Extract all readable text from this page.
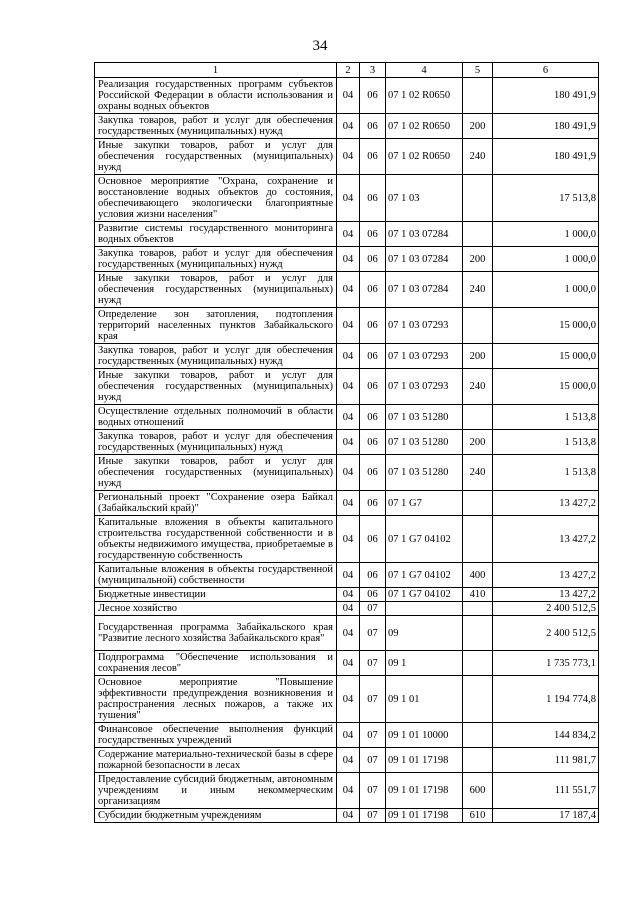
34
1	2	3	4	5	6
Реализация государственных программ субъектов Российской Федерации в области использования и охраны водных объектов	04	06	07 1 02 R0650		180 491,9
Закупка товаров, работ и услуг для обеспечения государственных (муниципальных) нужд	04	06	07 1 02 R0650	200	180 491,9
Иные закупки товаров, работ и услуг для обеспечения государственных (муниципальных) нужд	04	06	07 1 02 R0650	240	180 491,9
Основное мероприятие "Охрана, сохранение и восстановление водных объектов до состояния, обеспечивающего экологически благоприятные условия жизни населения"	04	06	07 1 03		17 513,8
Развитие системы государственного мониторинга водных объектов	04	06	07 1 03 07284		1 000,0
Закупка товаров, работ и услуг для обеспечения государственных (муниципальных) нужд	04	06	07 1 03 07284	200	1 000,0
Иные закупки товаров, работ и услуг для обеспечения государственных (муниципальных) нужд	04	06	07 1 03 07284	240	1 000,0
Определение зон затопления, подтопления территорий населенных пунктов Забайкальского края	04	06	07 1 03 07293		15 000,0
Закупка товаров, работ и услуг для обеспечения государственных (муниципальных) нужд	04	06	07 1 03 07293	200	15 000,0
Иные закупки товаров, работ и услуг для обеспечения государственных (муниципальных) нужд	04	06	07 1 03 07293	240	15 000,0
Осуществление отдельных полномочий в области водных отношений	04	06	07 1 03 51280		1 513,8
Закупка товаров, работ и услуг для обеспечения государственных (муниципальных) нужд	04	06	07 1 03 51280	200	1 513,8
Иные закупки товаров, работ и услуг для обеспечения государственных (муниципальных) нужд	04	06	07 1 03 51280	240	1 513,8
Региональный проект "Сохранение озера Байкал (Забайкальский край)"	04	06	07 1 G7		13 427,2
Капитальные вложения в объекты капитального строительства государственной собственности и в объекты недвижимого имущества, приобретаемые в государственную собственность	04	06	07 1 G7 04102		13 427,2
Капитальные вложения в объекты государственной (муниципальной) собственности	04	06	07 1 G7 04102	400	13 427,2
Бюджетные инвестиции	04	06	07 1 G7 04102	410	13 427,2
Лесное хозяйство	04	07			2 400 512,5
Государственная программа Забайкальского края "Развитие лесного хозяйства Забайкальского края"	04	07	09		2 400 512,5
Подпрограмма "Обеспечение использования и сохранения лесов"	04	07	09 1		1 735 773,1
Основное мероприятие "Повышение эффективности предупреждения возникновения и распространения лесных пожаров, а также их тушения"	04	07	09 1 01		1 194 774,8
Финансовое обеспечение выполнения функций государственных учреждений	04	07	09 1 01 10000		144 834,2
Содержание материально-технической базы в сфере пожарной безопасности в лесах	04	07	09 1 01 17198		111 981,7
Предоставление субсидий бюджетным, автономным учреждениям и иным некоммерческим организациям	04	07	09 1 01 17198	600	111 551,7
Субсидии бюджетным учреждениям	04	07	09 1 01 17198	610	17 187,4
